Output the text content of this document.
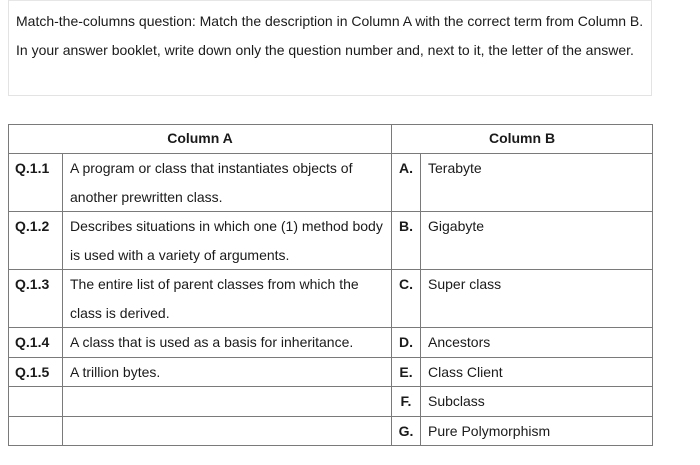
Match-the-columns question: Match the description in Column A with the correct term from Column B. In your answer booklet, write down only the question number and, next to it, the letter of the answer.

Column A		Column B	
Q.1.1	A program or class that instantiates objects of another prewritten class.	A.	Terabyte
Q.1.2	Describes situations in which one (1) method body is used with a variety of arguments.	B.	Gigabyte
Q.1.3	The entire list of parent classes from which the class is derived.	C.	Super class
Q.1.4	A class that is used as a basis for inheritance.	D.	Ancestors
Q.1.5	A trillion bytes.	E.	Class Client
		F.	Subclass
		G.	Pure Polymorphism
